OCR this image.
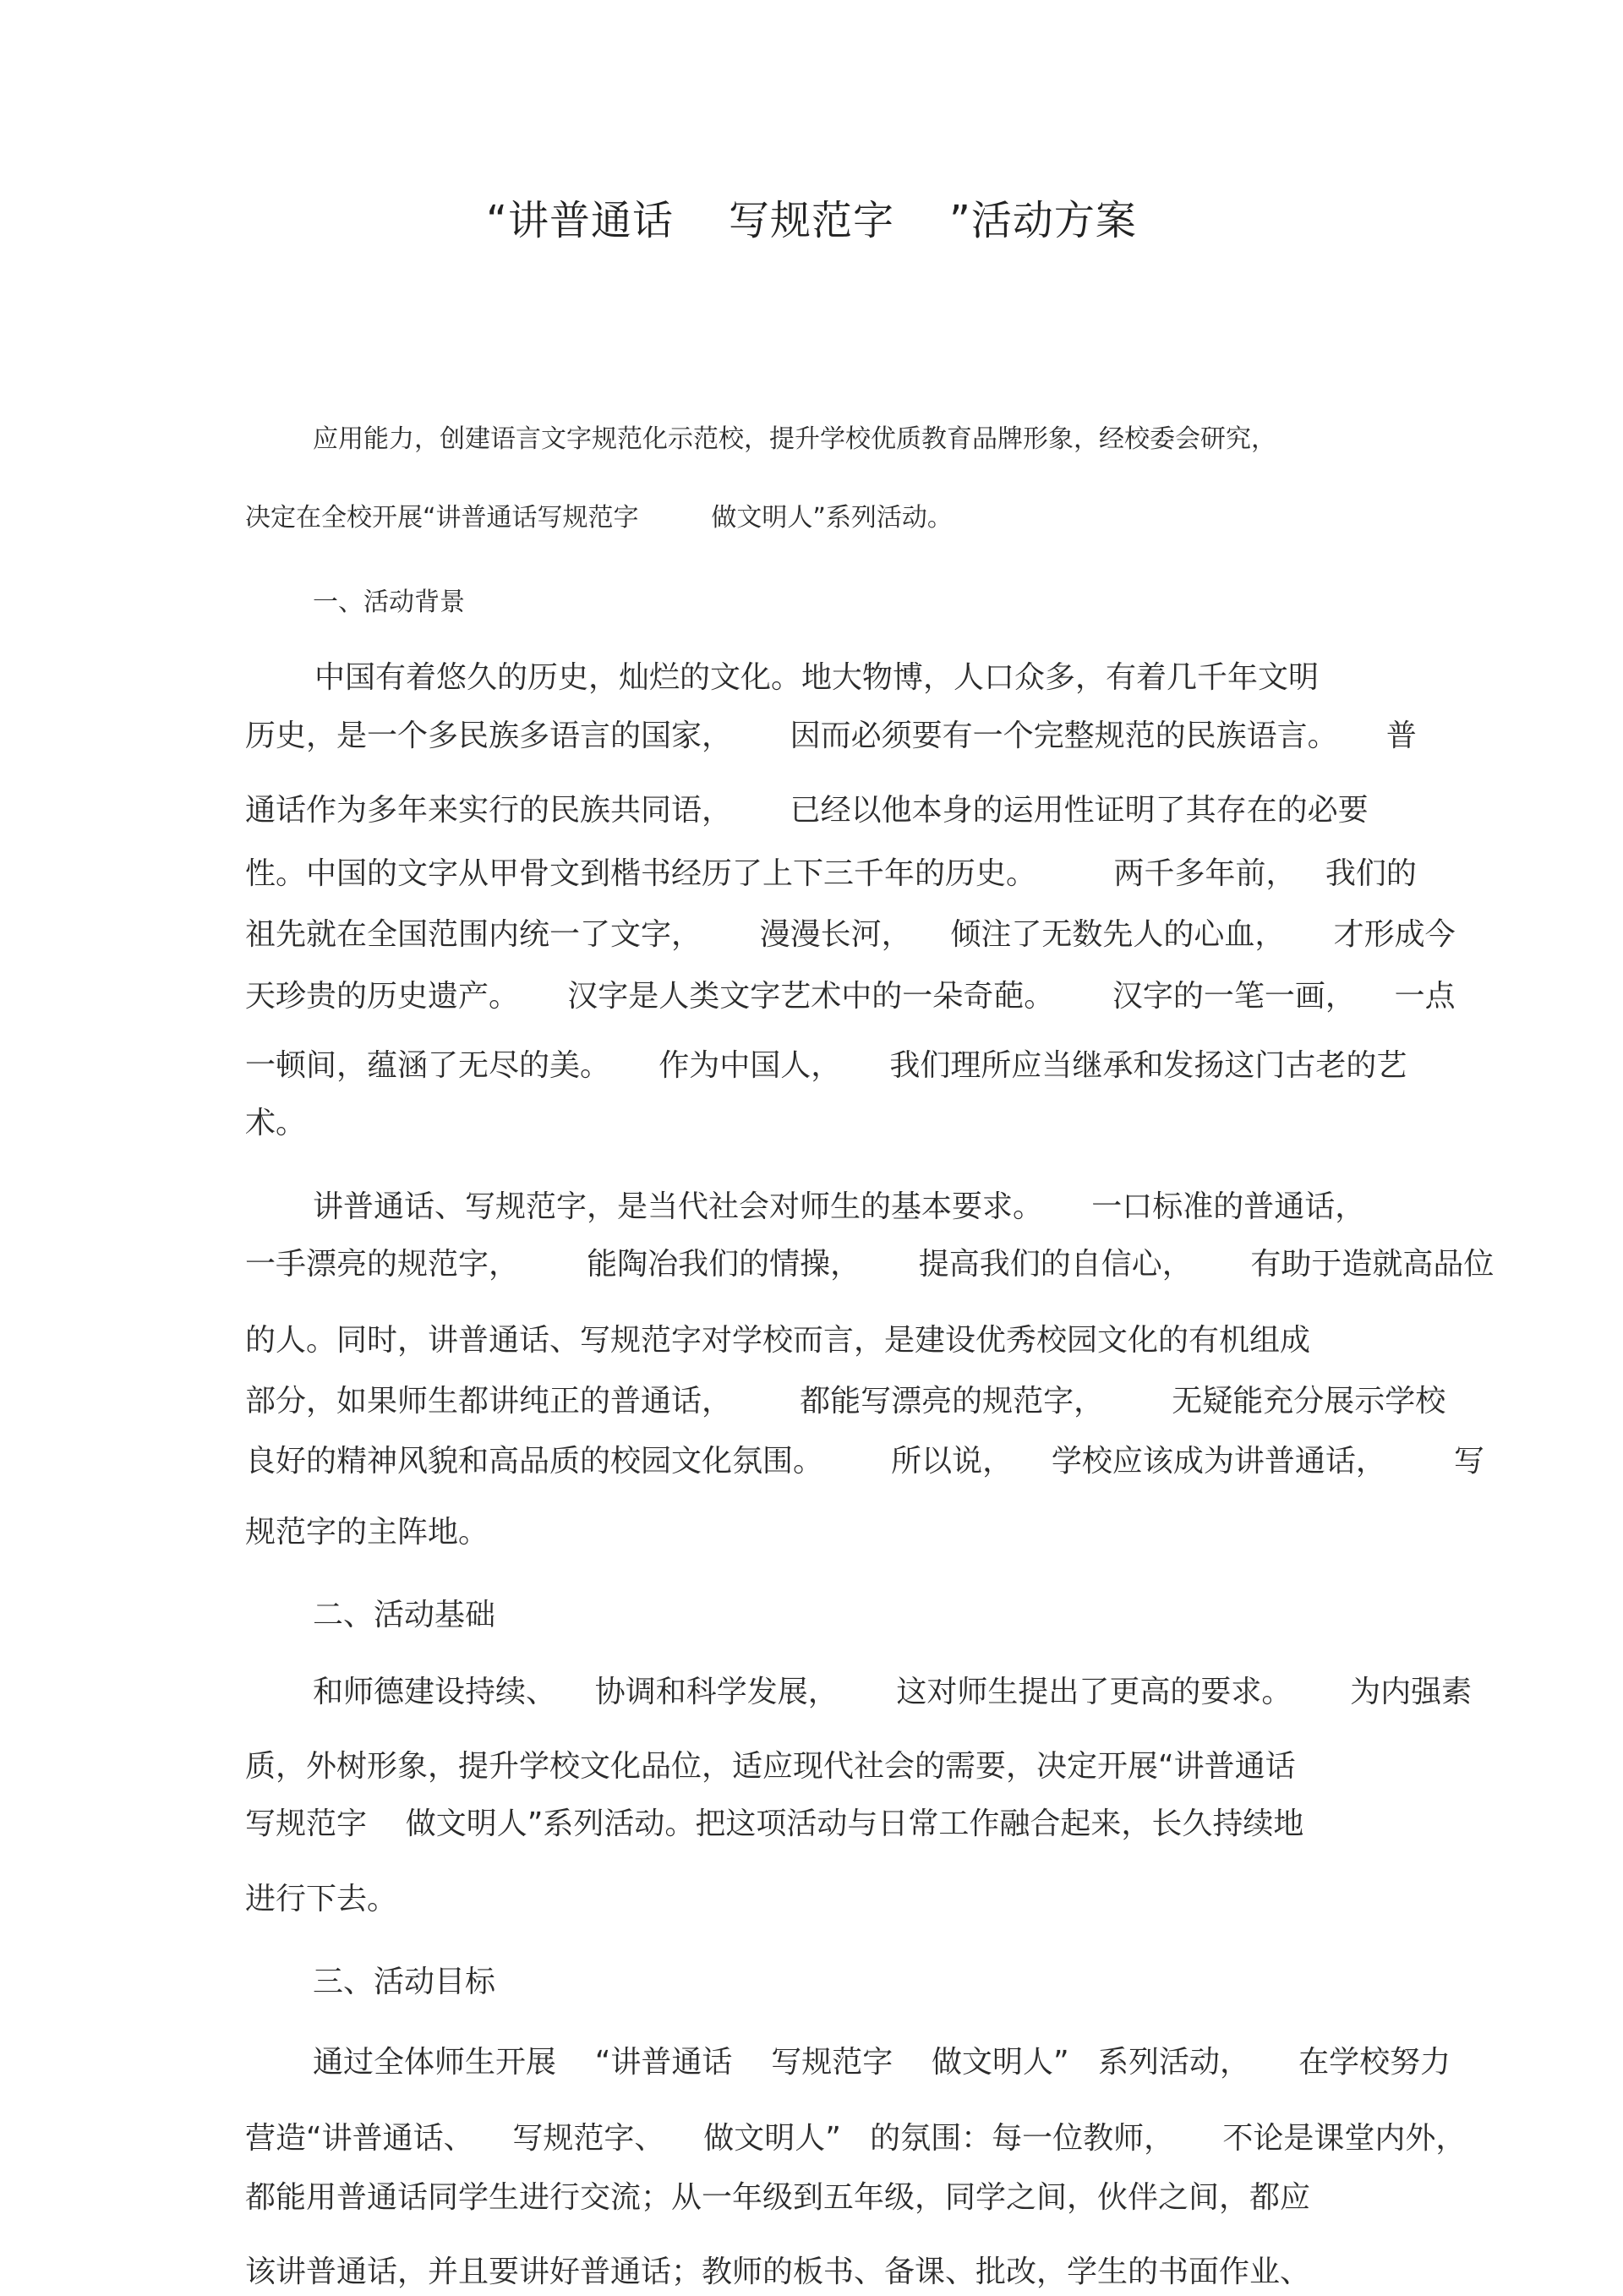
“讲普通话    写规范字    ”活动方案
应用能力，创建语言文字规范化示范校，提升学校优质教育品牌形象，经校委会研究，
决定在全校开展“讲普通话写规范字         做文明人”系列活动。
一、活动背景
中国有着悠久的历史，灿烂的文化。地大物博，人口众多，有着几千年文明
历史，是一个多民族多语言的国家，      因而必须要有一个完整规范的民族语言。     普
通话作为多年来实行的民族共同语，      已经以他本身的运用性证明了其存在的必要
性。中国的文字从甲骨文到楷书经历了上下三千年的历史。        两千多年前，   我们的
祖先就在全国范围内统一了文字，      漫漫长河，    倾注了无数先人的心血，     才形成今
天珍贵的历史遗产。     汉字是人类文字艺术中的一朵奇葩。      汉字的一笔一画，    一点
一顿间，蕴涵了无尽的美。     作为中国人，     我们理所应当继承和发扬这门古老的艺
术。
讲普通话、写规范字，是当代社会对师生的基本要求。     一口标准的普通话，
一手漂亮的规范字，       能陶冶我们的情操，      提高我们的自信心，      有助于造就高品位
的人。同时，讲普通话、写规范字对学校而言，是建设优秀校园文化的有机组成
部分，如果师生都讲纯正的普通话，       都能写漂亮的规范字，       无疑能充分展示学校
良好的精神风貌和高品质的校园文化氛围。       所以说，    学校应该成为讲普通话，       写
规范字的主阵地。
二、活动基础
和师德建设持续、    协调和科学发展，      这对师生提出了更高的要求。      为内强素
质，外树形象，提升学校文化品位，适应现代社会的需要，决定开展“讲普通话
写规范字    做文明人”系列活动。把这项活动与日常工作融合起来，长久持续地
进行下去。
三、活动目标
通过全体师生开展    “讲普通话    写规范字    做文明人”   系列活动，     在学校努力
营造“讲普通话、    写规范字、    做文明人”   的氛围：每一位教师，     不论是课堂内外，
都能用普通话同学生进行交流；从一年级到五年级，同学之间，伙伴之间，都应
该讲普通话，并且要讲好普通话；教师的板书、备课、批改，学生的书面作业、
